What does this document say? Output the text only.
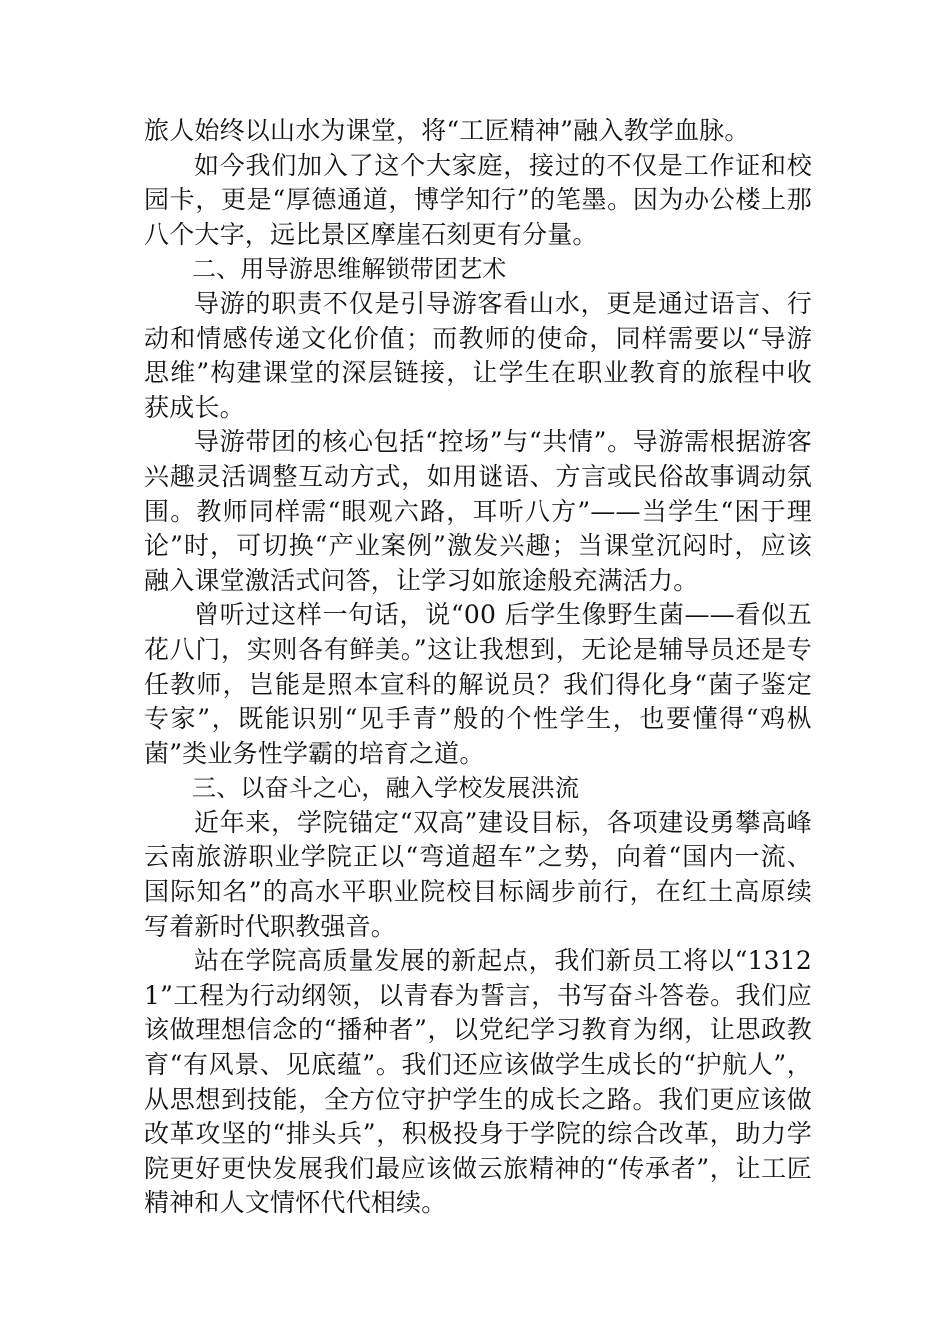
旅人始终以山水为课堂，将“工匠精神”融入教学血脉。

如今我们加入了这个大家庭，接过的不仅是工作证和校园卡，更是“厚德通道，博学知行”的笔墨。因为办公楼上那八个大字，远比景区摩崖石刻更有分量。

二、用导游思维解锁带团艺术

导游的职责不仅是引导游客看山水，更是通过语言、行动和情感传递文化价值；而教师的使命，同样需要以“导游思维”构建课堂的深层链接，让学生在职业教育的旅程中收获成长。

导游带团的核心包括“控场”与“共情”。导游需根据游客兴趣灵活调整互动方式，如用谜语、方言或民俗故事调动氛围。教师同样需“眼观六路，耳听八方”——当学生“困于理论”时，可切换“产业案例”激发兴趣；当课堂沉闷时，应该融入课堂激活式问答，让学习如旅途般充满活力。

曾听过这样一句话，说“00 后学生像野生菌——看似五花八门，实则各有鲜美。”这让我想到，无论是辅导员还是专任教师，岂能是照本宣科的解说员？我们得化身“菌子鉴定专家”，既能识别“见手青”般的个性学生，也要懂得“鸡枞菌”类业务性学霸的培育之道。

三、以奋斗之心，融入学校发展洪流

近年来，学院锚定“双高”建设目标，各项建设勇攀高峰云南旅游职业学院正以“弯道超车”之势，向着“国内一流、国际知名”的高水平职业院校目标阔步前行，在红土高原续写着新时代职教强音。

站在学院高质量发展的新起点，我们新员工将以“13121”工程为行动纲领，以青春为誓言，书写奋斗答卷。我们应该做理想信念的“播种者”，以党纪学习教育为纲，让思政教育“有风景、见底蕴”。我们还应该做学生成长的“护航人”，从思想到技能，全方位守护学生的成长之路。我们更应该做改革攻坚的“排头兵”，积极投身于学院的综合改革，助力学院更好更快发展我们最应该做云旅精神的“传承者”，让工匠精神和人文情怀代代相续。
